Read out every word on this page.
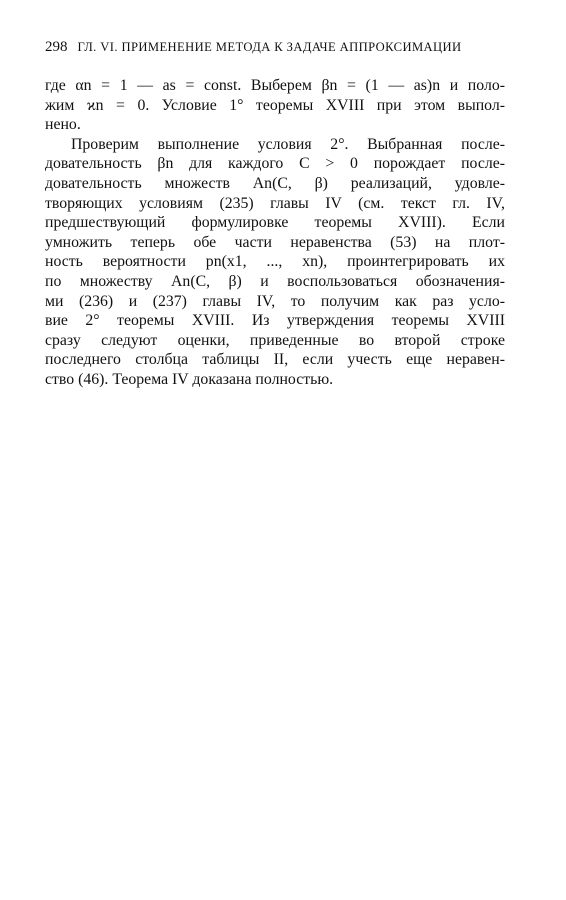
298 ГЛ. VI. ПРИМЕНЕНИЕ МЕТОДА К ЗАДАЧЕ АППРОКСИМАЦИИ
где αn = 1 — as = const. Выберем βn = (1 — as)n и поло-
жим ϰn = 0. Условие 1° теоремы XVIII при этом выпол-
нено.
Проверим выполнение условия 2°. Выбранная после-
довательность βn для каждого C > 0 порождает после-
довательность множеств An(C, β) реализаций, удовле-
творяющих условиям (235) главы IV (см. текст гл. IV,
предшествующий формулировке теоремы XVIII). Если
умножить теперь обе части неравенства (53) на плот-
ность вероятности pn(x1, ..., xn), проинтегрировать их
по множеству An(C, β) и воспользоваться обозначения-
ми (236) и (237) главы IV, то получим как раз усло-
вие 2° теоремы XVIII. Из утверждения теоремы XVIII
сразу следуют оценки, приведенные во второй строке
последнего столбца таблицы II, если учесть еще неравен-
ство (46). Теорема IV доказана полностью.
